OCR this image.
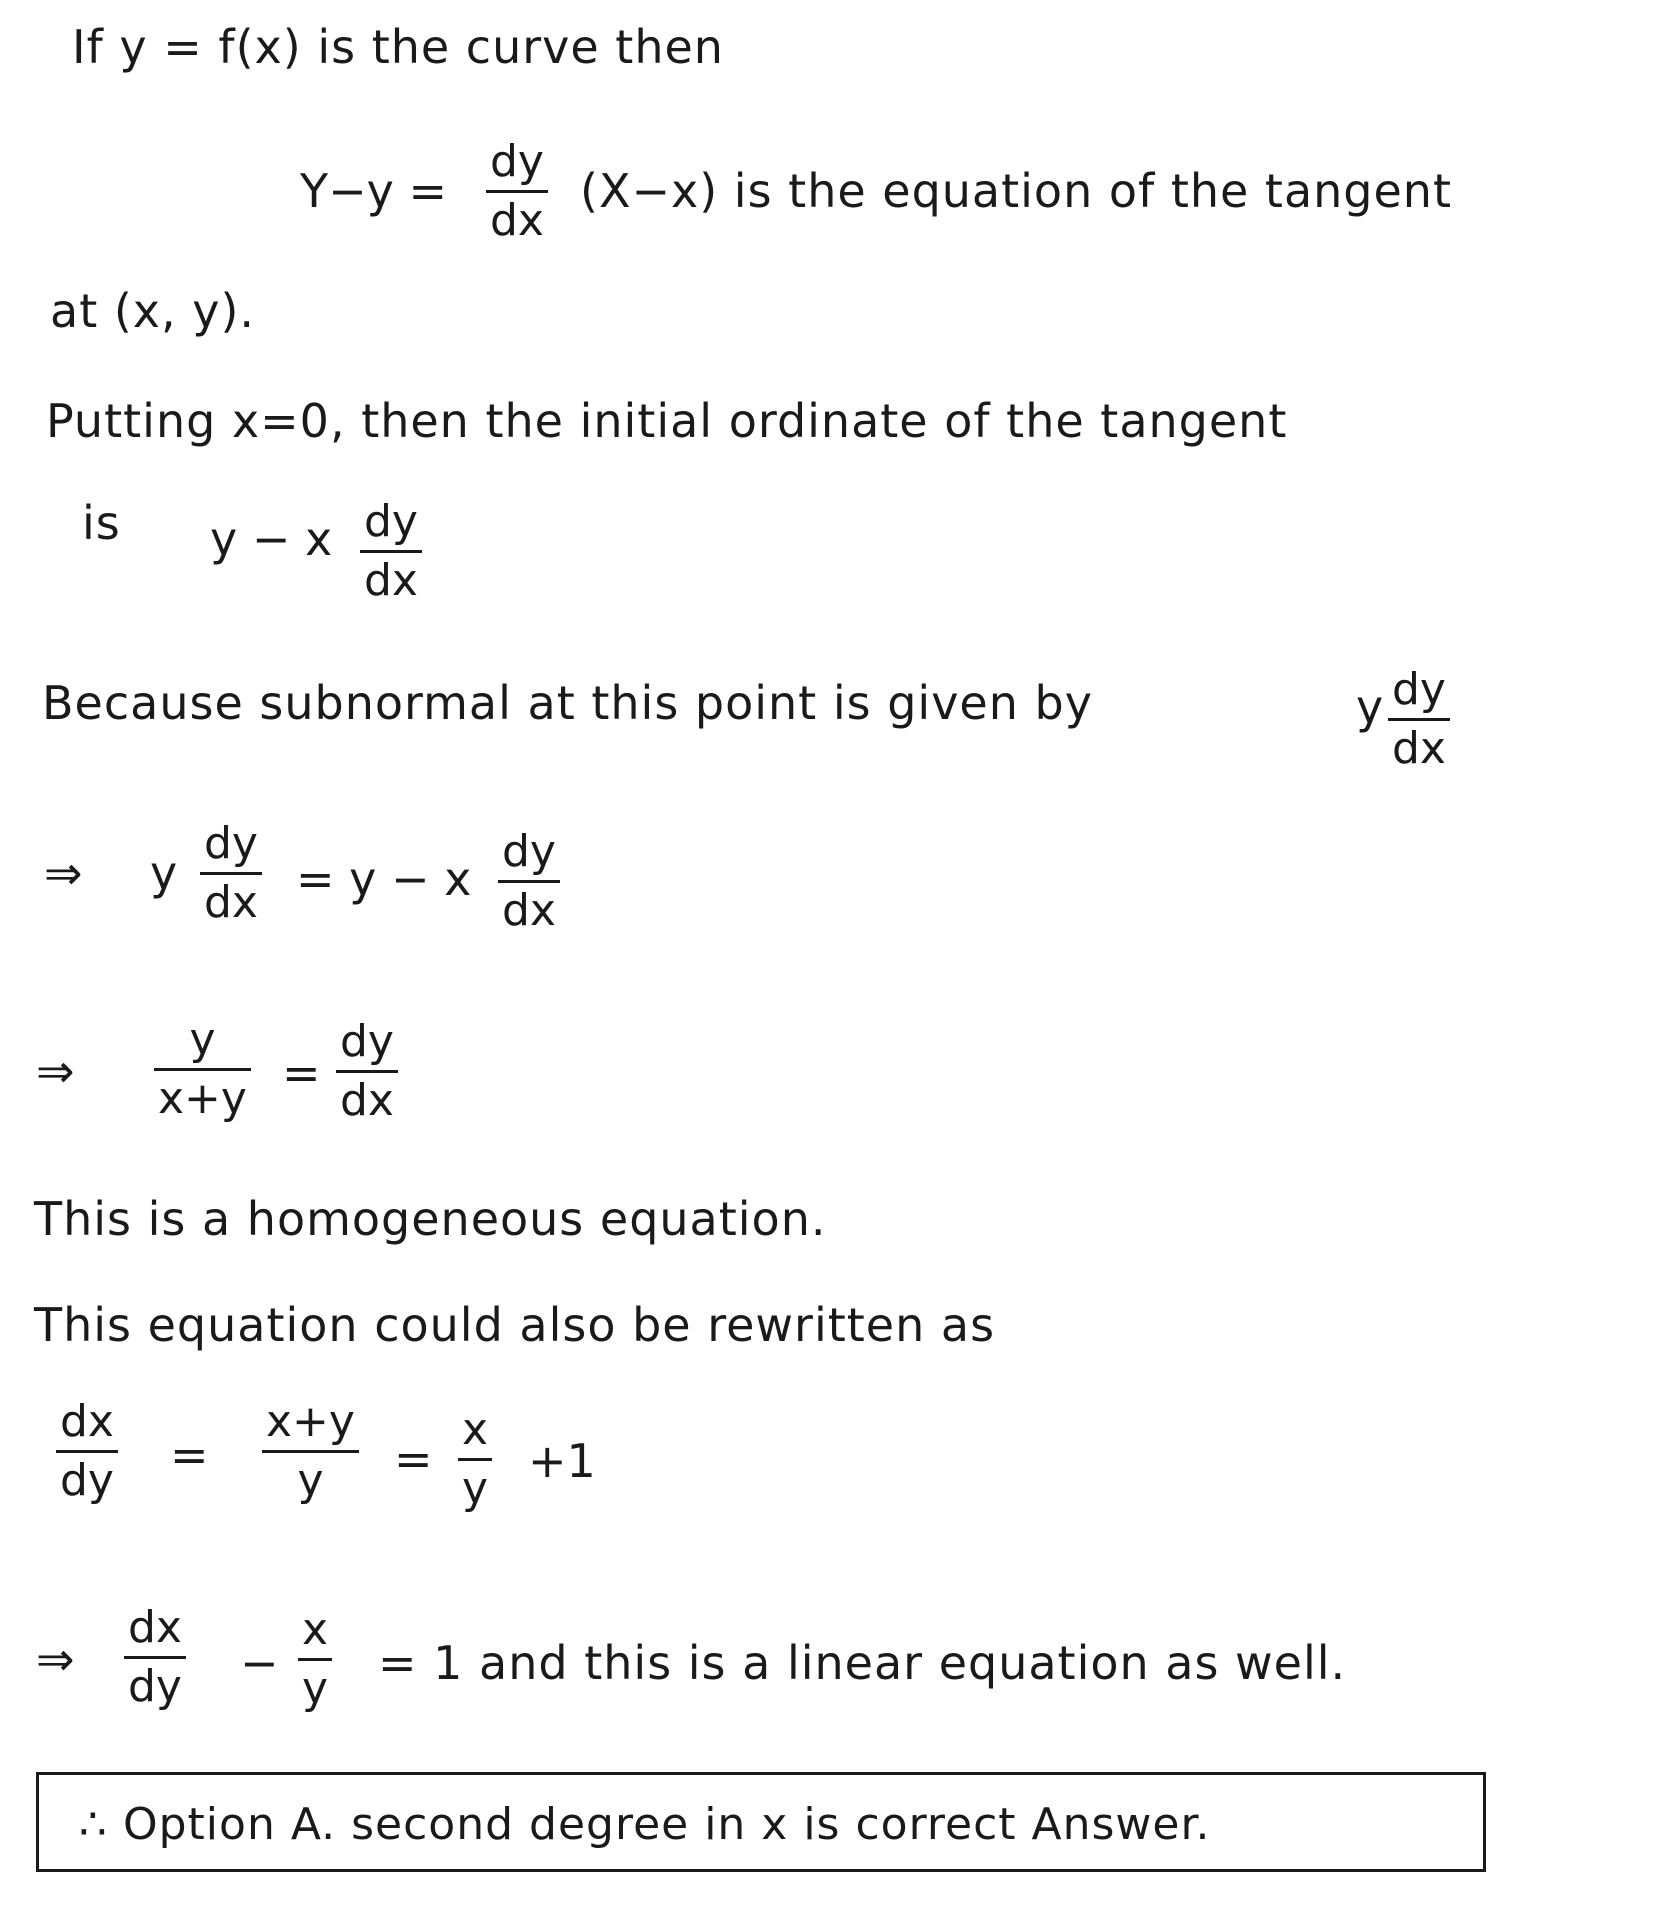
If y = f(x) is the curve then
Y−y =
dy
dx
(X−x) is the equation of the tangent
at (x, y).
Putting x=0, then the initial ordinate of the tangent
is y − x dy
dx
Because subnormal at this point is given by	y dy
dx
⇒ y
dy
dx = y − x
dy
dx
⇒
y
x+y =
dy
dx
This is a homogeneous equation.
This equation could also be rewritten as
dx
dy =
x+y
y	=
x
y
+1
⇒
dx
dy −
x
y = 1 and this is a linear equation as well.
∴ Option A. second degree in x is correct Answer.
